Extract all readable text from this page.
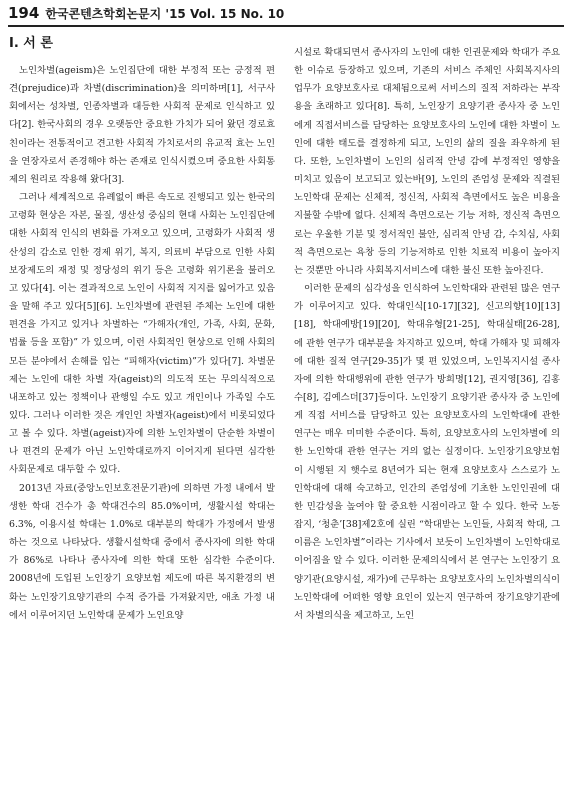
194 한국콘텐츠학회논문지 '15 Vol. 15 No. 10
I. 서 론

노인차별(ageism)은 노인집단에 대한 부정적 또는 긍정적 편견(prejudice)과 차별(discrimination)을 의미하며[1], 서구사회에서는 성차별, 인종차별과 대등한 사회적 문제로 인식하고 있다[2]. 한국사회의 경우 오랫동안 중요한 가치가 되어 왔던 경로효친이라는 전통적이고 견고한 사회적 가치로서의 유교적 효는 노인을 연장자로서 존경해야 하는 존재로 인식시켰으며 중요한 사회통제의 원리로 작용해 왔다[3].

그러나 세계적으로 유례없이 빠른 속도로 진행되고 있는 한국의 고령화 현상은 자본, 물질, 생산성 중심의 현대 사회는 노인집단에 대한 사회적 인식의 변화를 가져오고 있으며, 고령화가 사회적 생산성의 감소로 인한 경제 위기, 복지, 의료비 부담으로 인한 사회보장제도의 재정 및 정당성의 위기 등은 고령화 위기론을 불러오고 있다[4]. 이는 결과적으로 노인이 사회적 지지를 잃어가고 있음을 말해 주고 있다[5][6]. 노인차별에 관련된 주체는 노인에 대한 편견을 가지고 있거나 차별하는 “가해자(개인, 가족, 사회, 문화, 법률 등을 포함)” 가 있으며, 이런 사회적인 현상으로 인해 사회의 모든 분야에서 손해를 입는 “피해자(victim)”가 있다[7]. 차별문제는 노인에 대한 차별 자(ageist)의 의도적 또는 무의식적으로 내포하고 있는 정책이나 관행일 수도 있고 개인이나 가족일 수도 있다. 그러나 이러한 것은 개인인 차별자(ageist)에서 비롯되었다고 볼 수 있다. 차별(ageist)자에 의한 노인차별이 단순한 차별이나 편견의 문제가 아닌 노인학대로까지 이어지게 된다면 심각한 사회문제로 대두할 수 있다.

2013년 자료(중앙노인보호전문기관)에 의하면 가정 내에서 발생한 학대 건수가 총 학대건수의 85.0%이며, 생활시설 학대는 6.3%, 이용시설 학대는 1.0%로 대부분의 학대가 가정에서 발생하는 것으로 나타났다. 생활시설학대 중에서 종사자에 의한 학대가 86%로 나타나 종사자에 의한 학대 또한 심각한 수준이다. 2008년에 도입된 노인장기 요양보험 제도에 따른 복지환경의 변화는 노인장기요양기관의 수적 증가를 가져왔지만, 애초 가정 내에서 이루어지던 노인학대 문제가 노인요양

시설로 확대되면서 종사자의 노인에 대한 인권문제와 학대가 주요한 이슈로 등장하고 있으며, 기존의 서비스 주체인 사회복지사의 업무가 요양보호사로 대체됨으로써 서비스의 질적 저하라는 부작용을 초래하고 있다[8]. 특히, 노인장기 요양기관 종사자 중 노인에게 직접서비스를 담당하는 요양보호사의 노인에 대한 차별이 노인에 대한 태도를 결정하게 되고, 노인의 삶의 질을 좌우하게 된다. 또한, 노인차별이 노인의 심리적 안녕 감에 부정적인 영향을 미치고 있음이 보고되고 있는바[9], 노인의 존엄성 문제와 직결된 노인학대 문제는 신체적, 정신적, 사회적 측면에서도 높은 비용을 지불할 수밖에 없다. 신체적 측면으로는 기능 저하, 정신적 측면으로는 우울한 기분 및 정서적인 불안, 심리적 안녕 감, 수치심, 사회적 측면으로는 욕창 등의 기능저하로 인한 치료적 비용이 높아지는 것뿐만 아니라 사회복지서비스에 대한 불신 또한 높아진다.

이러한 문제의 심각성을 인식하여 노인학대와 관련된 많은 연구가 이루어지고 있다. 학대인식[10-17][32], 신고의향[10][13][18], 학대예방[19][20], 학대유형[21-25], 학대실태[26-28], 에 관한 연구가 대부분을 차지하고 있으며, 학대 가해자 및 피해자에 대한 질적 연구[29-35]가 몇 편 있었으며, 노인복지시설 종사자에 의한 학대행위에 관한 연구가 방희명[12], 권지영[36], 김홍수[8], 김예스더[37]등이다. 노인장기 요양기관 종사자 중 노인에게 직접 서비스를 담당하고 있는 요양보호사의 노인학대에 관한 연구는 매우 미미한 수준이다. 특히, 요양보호사의 노인차별에 의한 노인학대 관한 연구는 거의 없는 실정이다. 노인장기요양보험이 시행된 지 햇수로 8년여가 되는 현재 요양보호사 스스로가 노인학대에 대해 숙고하고, 인간의 존엄성에 기초한 노인인권에 대한 민감성을 높여야 할 중요한 시점이라고 할 수 있다. 한국 노동잡지, ‘청춘’[38]제2호에 실린 “학대받는 노인들, 사회적 학대, 그 이름은 노인차별”이라는 기사에서 보듯이 노인차별이 노인학대로 이어짐을 알 수 있다. 이러한 문제의식에서 본 연구는 노인장기 요양기관(요양시설, 재가)에 근무하는 요양보호사의 노인차별의식이 노인학대에 어떠한 영향 요인이 있는지 연구하여 장기요양기관에서 차별의식을 제고하고, 노인
